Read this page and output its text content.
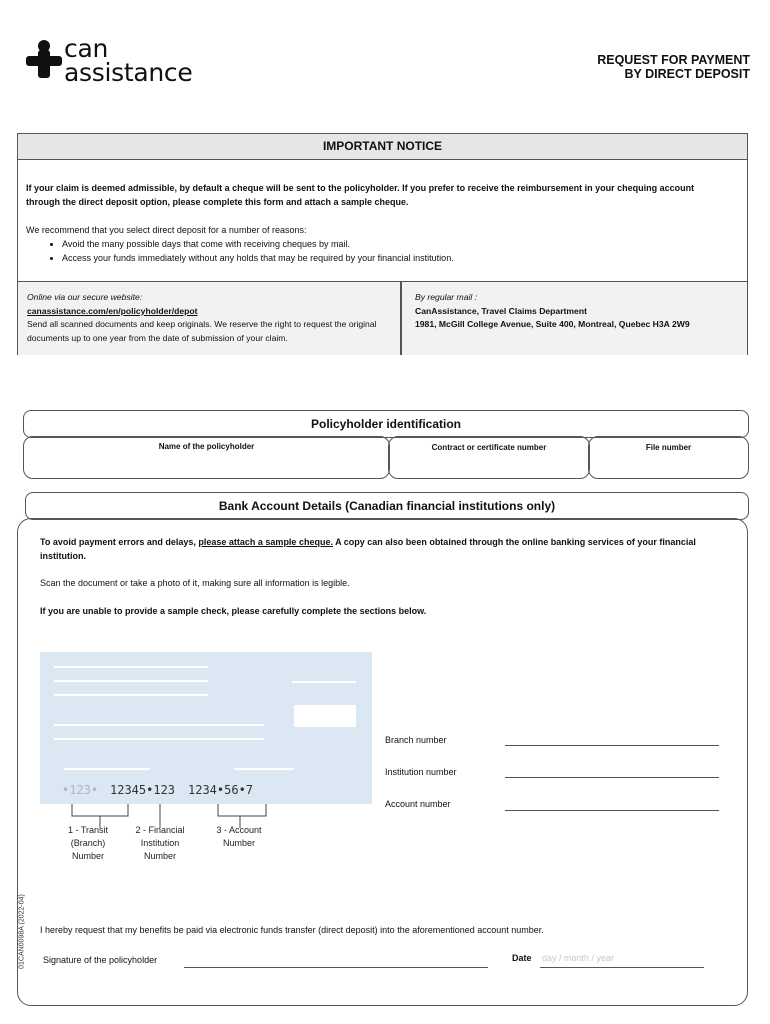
can
assistance	REQUEST FOR PAYMENT
BY DIRECT DEPOSIT
IMPORTANT NOTICE

If your claim is deemed admissible, by default a cheque will be sent to the policyholder. If you prefer to receive the reimbursement in your chequing account through the direct deposit option, please complete this form and attach a sample cheque.

We recommend that you select direct deposit for a number of reasons:

• Avoid the many possible days that come with receiving cheques by mail.
• Access your funds immediately without any holds that may be required by your financial institution.
Online via our secure website:
canassistance.com/en/policyholder/depot
Send all scanned documents and keep originals. We reserve the right to request the original documents up to one year from the date of submission of your claim.
By regular mail :
CanAssistance, Travel Claims Department
1981, McGill College Avenue, Suite 400, Montreal, Quebec H3A 2W9
Policyholder identification
Name of the policyholder	Contract or certificate number	File number
Bank Account Details (Canadian financial institutions only)
To avoid payment errors and delays, please attach a sample cheque. A copy can also been obtained through the online banking services of your financial institution.
Scan the document or take a photo of it, making sure all information is legible.
If you are unable to provide a sample check, please carefully complete the sections below.
•123• 12345•123 1234•56•7
1 - Transit
(Branch)
Number
2 - Financial
Institution
Number
3 - Account
Number
Branch number
Institution number
Account number
I hereby request that my benefits be paid via electronic funds transfer (direct deposit) into the aforementioned account number.
Signature of the policyholder	Date day / month / year
01CAN0098A (2022-04)
